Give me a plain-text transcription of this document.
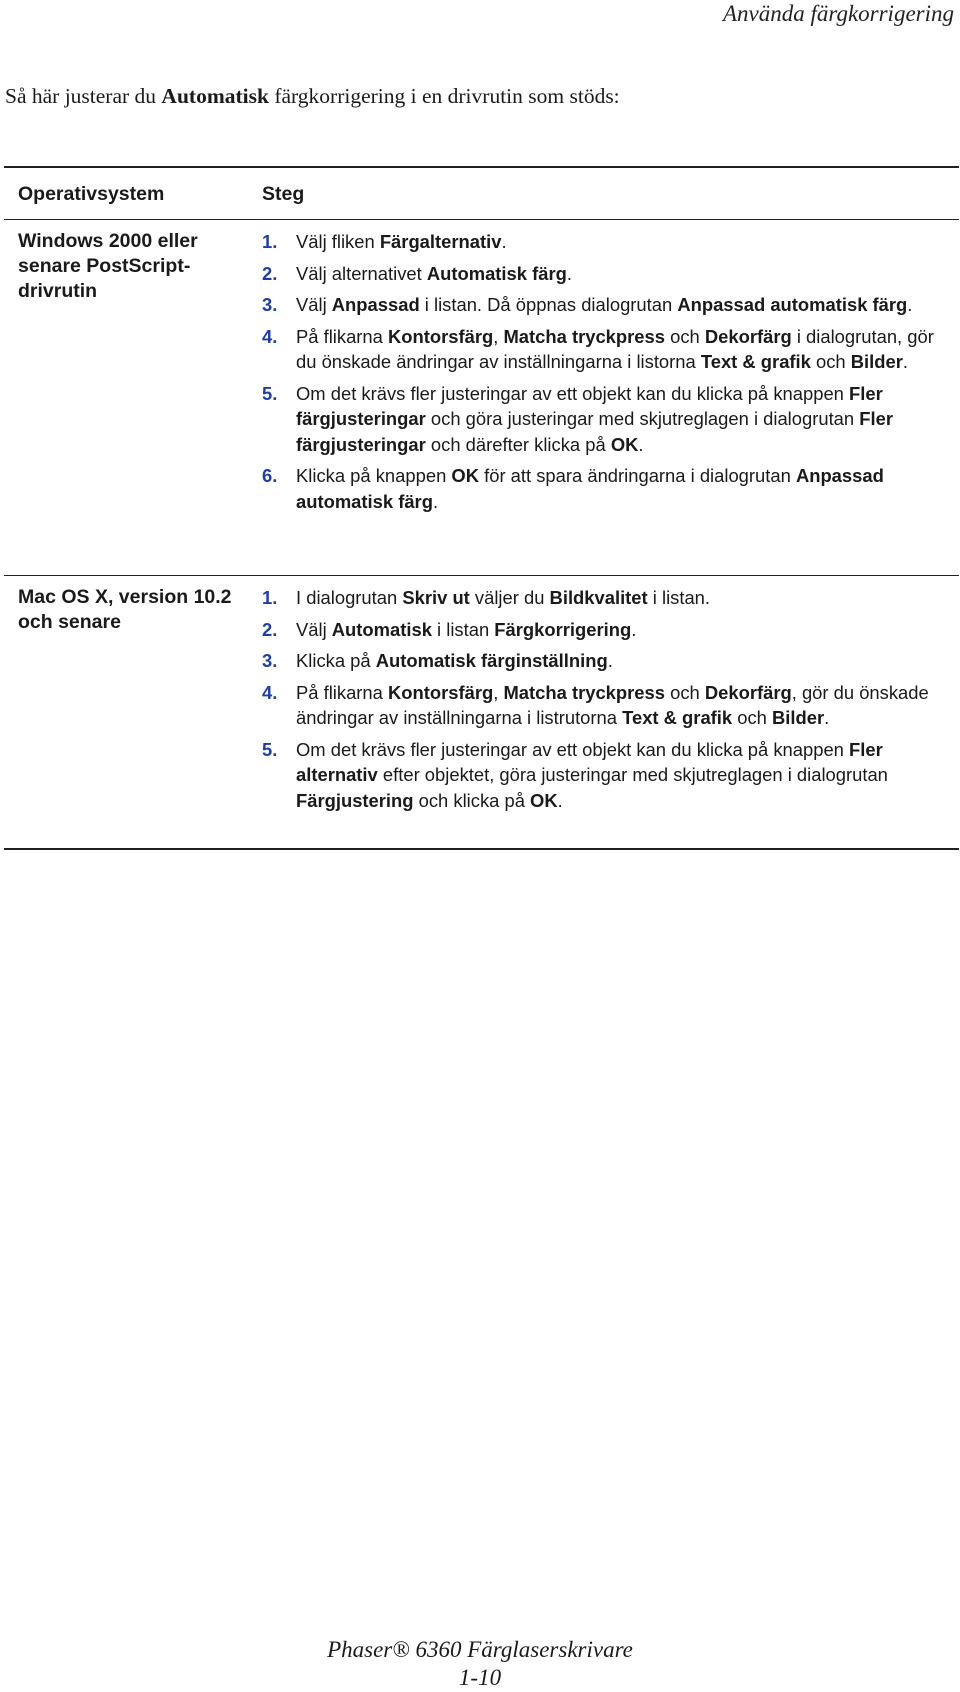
Använda färgkorrigering
Så här justerar du Automatisk färgkorrigering i en drivrutin som stöds:
Operativsystem	Steg
Windows 2000 eller senare PostScript-drivrutin
1. Välj fliken Färgalternativ.
2. Välj alternativet Automatisk färg.
3. Välj Anpassad i listan. Då öppnas dialogrutan Anpassad automatisk färg.
4. På flikarna Kontorsfärg, Matcha tryckpress och Dekorfärg i dialogrutan, gör du önskade ändringar av inställningarna i listorna Text & grafik och Bilder.
5. Om det krävs fler justeringar av ett objekt kan du klicka på knappen Fler färgjusteringar och göra justeringar med skjutreglagen i dialogrutan Fler färgjusteringar och därefter klicka på OK.
6. Klicka på knappen OK för att spara ändringarna i dialogrutan Anpassad automatisk färg.
Mac OS X, version 10.2 och senare
1. I dialogrutan Skriv ut väljer du Bildkvalitet i listan.
2. Välj Automatisk i listan Färgkorrigering.
3. Klicka på Automatisk färginställning.
4. På flikarna Kontorsfärg, Matcha tryckpress och Dekorfärg, gör du önskade ändringar av inställningarna i listrutorna Text & grafik och Bilder.
5. Om det krävs fler justeringar av ett objekt kan du klicka på knappen Fler alternativ efter objektet, göra justeringar med skjutreglagen i dialogrutan Färgjustering och klicka på OK.
Phaser® 6360 Färglaserskrivare
1-10
